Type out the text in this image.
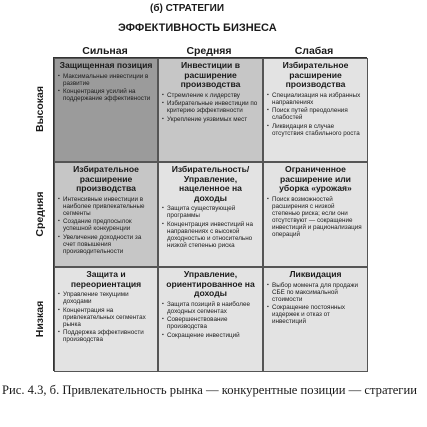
(б) СТРАТЕГИИ
ЭФФЕКТИВНОСТЬ БИЗНЕСА
Сильная	Средняя	Слабая
Высокая
Средняя
Низкая
Защищенная позиция
▪ Максимальные инвестиции в развитие
▪ Концентрация усилий на поддержание эффективности
Инвестиции в расширение производства
▪ Стремление к лидерству
▪ Избирательные инвестиции по критерию эффективности
▪ Укрепление уязвимых мест
Избирательное расширение производства
▪ Специализация на избранных направлениях
▪ Поиск путей преодоления слабостей
▪ Ликвидация в случае отсутствия стабильного роста
Избирательное расширение производства
▪ Интенсивные инвестиции в наиболее привлекательные сегменты
▪ Создание предпосылок успешной конкуренции
▪ Увеличение доходности за счет повышения производительности
Избирательность/ Управление, нацеленное на доходы
▪ Защита существующей программы
▪ Концентрация инвестиций на направлениях с высокой доходностью и относительно низкой степенью риска
Ограниченное расширение или уборка «урожая»
▪ Поиск возможностей расширения с низкой степенью риска; если они отсутствуют — сокращение инвестиций и рационализация операций
Защита и переориентация
▪ Управление текущими доходами
▪ Концентрация на привлекательных сегментах рынка
▪ Поддержка эффективности производства
Управление, ориентированное на доходы
▪ Защита позиций в наиболее доходных сегментах
▪ Совершенствование производства
▪ Сокращение инвестиций
Ликвидация
▪ Выбор момента для продажи СБЕ по максимальной стоимости
▪ Сокращение постоянных издержек и отказ от инвестиций
Рис. 4.3, б. Привлекательность рынка — конкурентные позиции — стратегии
